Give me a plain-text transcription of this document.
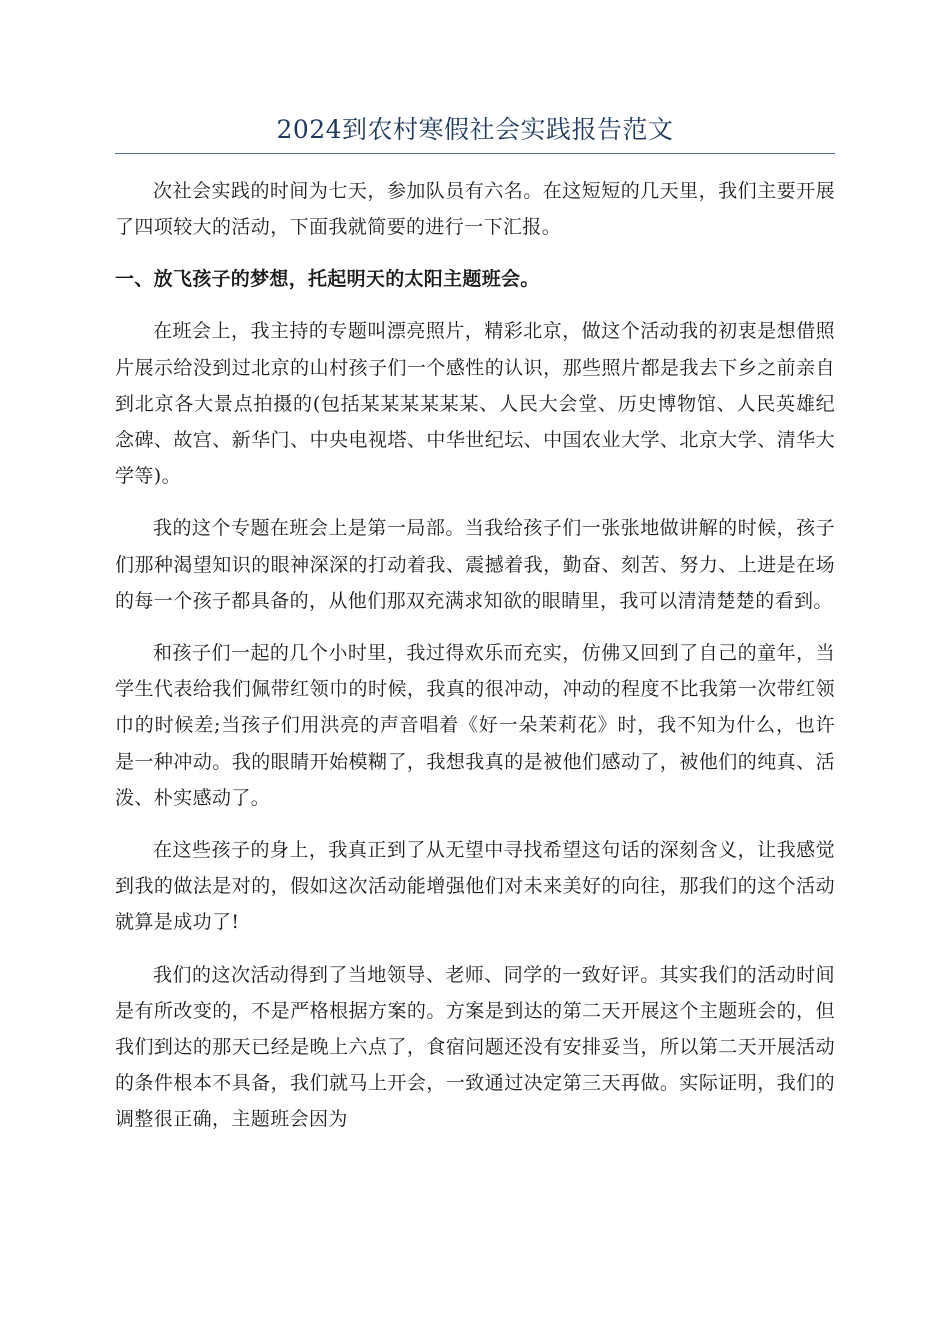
2024到农村寒假社会实践报告范文

次社会实践的时间为七天，参加队员有六名。在这短短的几天里，我们主要开展了四项较大的活动，下面我就简要的进行一下汇报。

一、放飞孩子的梦想，托起明天的太阳主题班会。

在班会上，我主持的专题叫漂亮照片，精彩北京，做这个活动我的初衷是想借照片展示给没到过北京的山村孩子们一个感性的认识，那些照片都是我去下乡之前亲自到北京各大景点拍摄的(包括某某某某某某、人民大会堂、历史博物馆、人民英雄纪念碑、故宫、新华门、中央电视塔、中华世纪坛、中国农业大学、北京大学、清华大学等)。

我的这个专题在班会上是第一局部。当我给孩子们一张张地做讲解的时候，孩子们那种渴望知识的眼神深深的打动着我、震撼着我，勤奋、刻苦、努力、上进是在场的每一个孩子都具备的，从他们那双充满求知欲的眼睛里，我可以清清楚楚的看到。

和孩子们一起的几个小时里，我过得欢乐而充实，仿佛又回到了自己的童年，当学生代表给我们佩带红领巾的时候，我真的很冲动，冲动的程度不比我第一次带红领巾的时候差;当孩子们用洪亮的声音唱着《好一朵茉莉花》时，我不知为什么，也许是一种冲动。我的眼睛开始模糊了，我想我真的是被他们感动了，被他们的纯真、活泼、朴实感动了。

在这些孩子的身上，我真正到了从无望中寻找希望这句话的深刻含义，让我感觉到我的做法是对的，假如这次活动能增强他们对未来美好的向往，那我们的这个活动就算是成功了!

我们的这次活动得到了当地领导、老师、同学的一致好评。其实我们的活动时间是有所改变的，不是严格根据方案的。方案是到达的第二天开展这个主题班会的，但我们到达的那天已经是晚上六点了，食宿问题还没有安排妥当，所以第二天开展活动的条件根本不具备，我们就马上开会，一致通过决定第三天再做。实际证明，我们的调整很正确，主题班会因为
